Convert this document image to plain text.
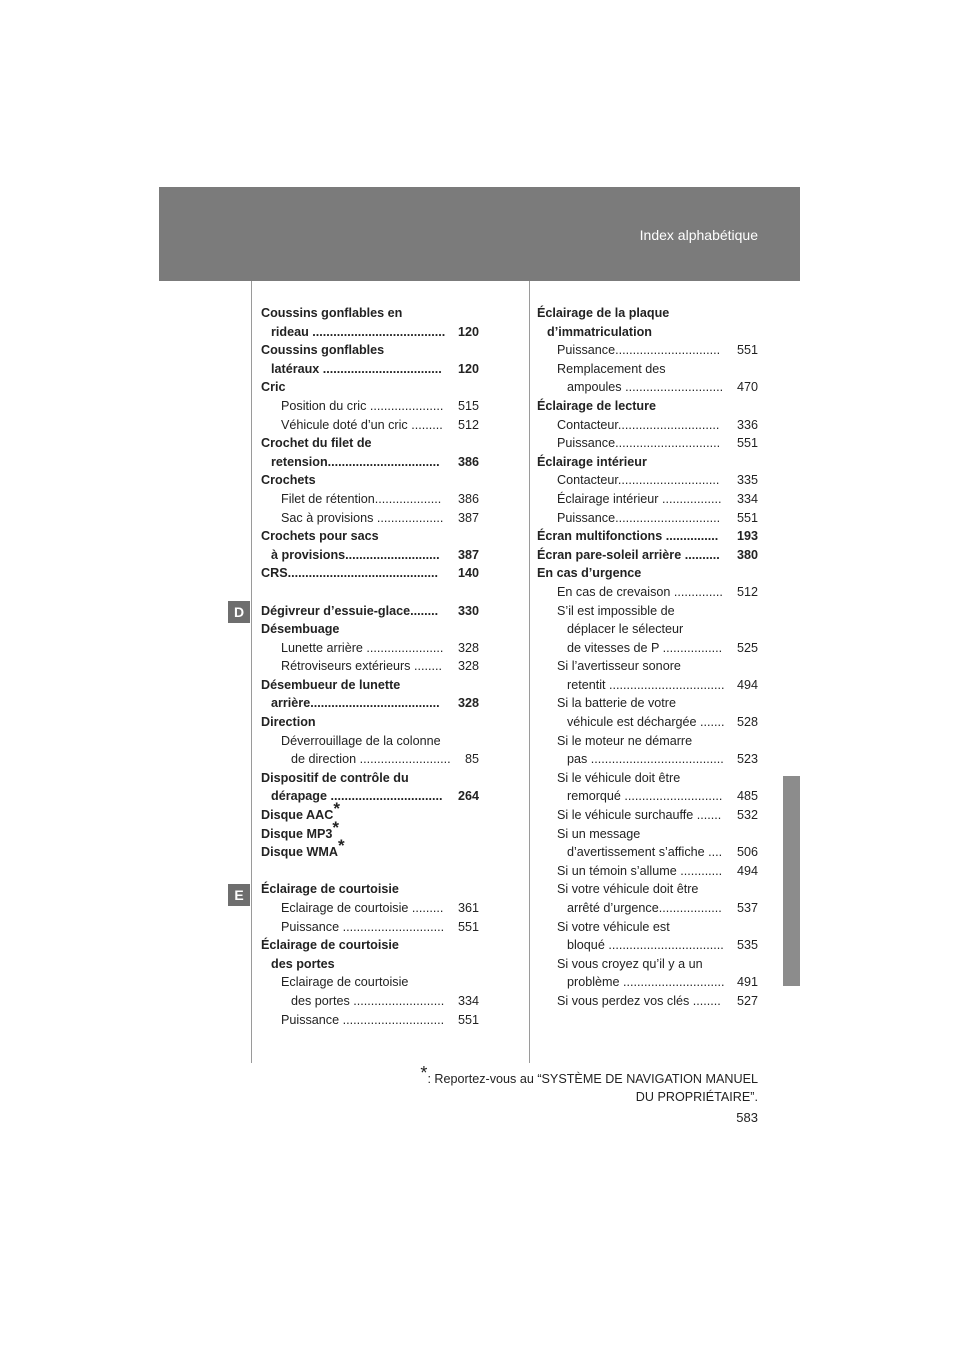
Index alphabétique
D
E
Coussins gonflables en
rideau ...................................... 120
Coussins gonflables
latéraux .................................. 120
Cric
Position du cric ..................... 515
Véhicule doté d’un cric ......... 512
Crochet du filet de
retension................................ 386
Crochets
Filet de rétention................... 386
Sac à provisions ................... 387
Crochets pour sacs
à provisions........................... 387
CRS........................................... 140
Dégivreur d’essuie-glace........ 330
Désembuage
Lunette arrière ...................... 328
Rétroviseurs extérieurs ........ 328
Désembueur de lunette
arrière..................................... 328
Direction
Déverrouillage de la colonne
de direction .......................... 85
Dispositif de contrôle du
dérapage ................................ 264
Disque AAC*
Disque MP3*
Disque WMA*
Éclairage de courtoisie
Eclairage de courtoisie ......... 361
Puissance ............................. 551
Éclairage de courtoisie
des portes
Eclairage de courtoisie
des portes .......................... 334
Puissance ............................. 551
Éclairage de la plaque
d’immatriculation
Puissance.............................. 551
Remplacement des
ampoules ............................ 470
Éclairage de lecture
Contacteur............................. 336
Puissance.............................. 551
Éclairage intérieur
Contacteur............................. 335
Éclairage intérieur ................. 334
Puissance.............................. 551
Écran multifonctions ............... 193
Écran pare-soleil arrière .......... 380
En cas d’urgence
En cas de crevaison .............. 512
S’il est impossible de
déplacer le sélecteur
de vitesses de P ................. 525
Si l’avertisseur sonore
retentit ................................. 494
Si la batterie de votre
véhicule est déchargée ....... 528
Si le moteur ne démarre
pas ...................................... 523
Si le véhicule doit être
remorqué ............................ 485
Si le véhicule surchauffe ....... 532
Si un message
d’avertissement s’affiche .... 506
Si un témoin s’allume ............ 494
Si votre véhicule doit être
arrêté d’urgence.................. 537
Si votre véhicule est
bloqué ................................. 535
Si vous croyez qu’il y a un
problème ............................. 491
Si vous perdez vos clés ........ 527
*: Reportez-vous au “SYSTÈME DE NAVIGATION MANUEL
DU PROPRIÉTAIRE”.
583
